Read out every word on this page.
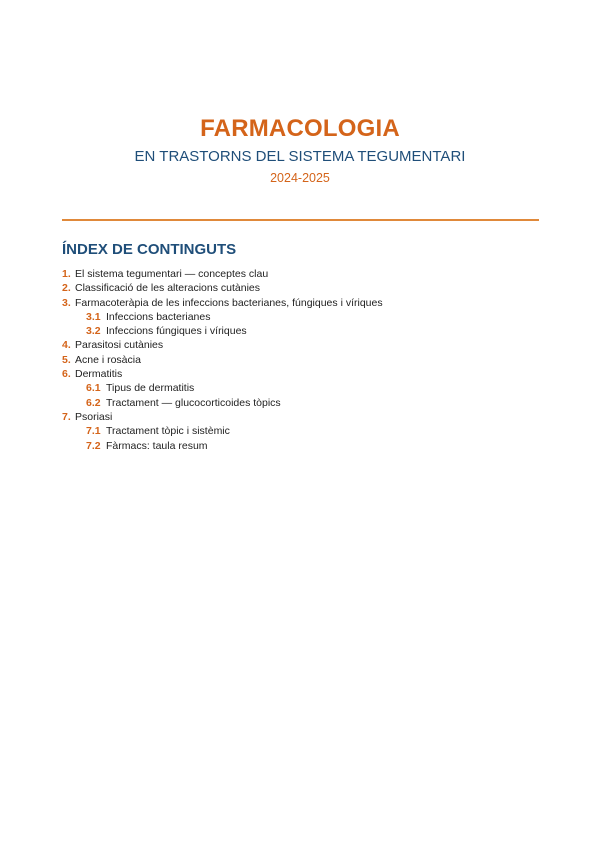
FARMACOLOGIA
EN TRASTORNS DEL SISTEMA TEGUMENTARI
2024-2025
ÍNDEX DE CONTINGUTS
1. El sistema tegumentari — conceptes clau
2. Classificació de les alteracions cutànies
3. Farmacoteràpia de les infeccions bacterianes, fúngiques i víriques
3.1 Infeccions bacterianes
3.2 Infeccions fúngiques i víriques
4. Parasitosi cutànies
5. Acne i rosàcia
6. Dermatitis
6.1 Tipus de dermatitis
6.2 Tractament — glucocorticoides tòpics
7. Psoriasi
7.1 Tractament tòpic i sistèmic
7.2 Fàrmacs: taula resum
